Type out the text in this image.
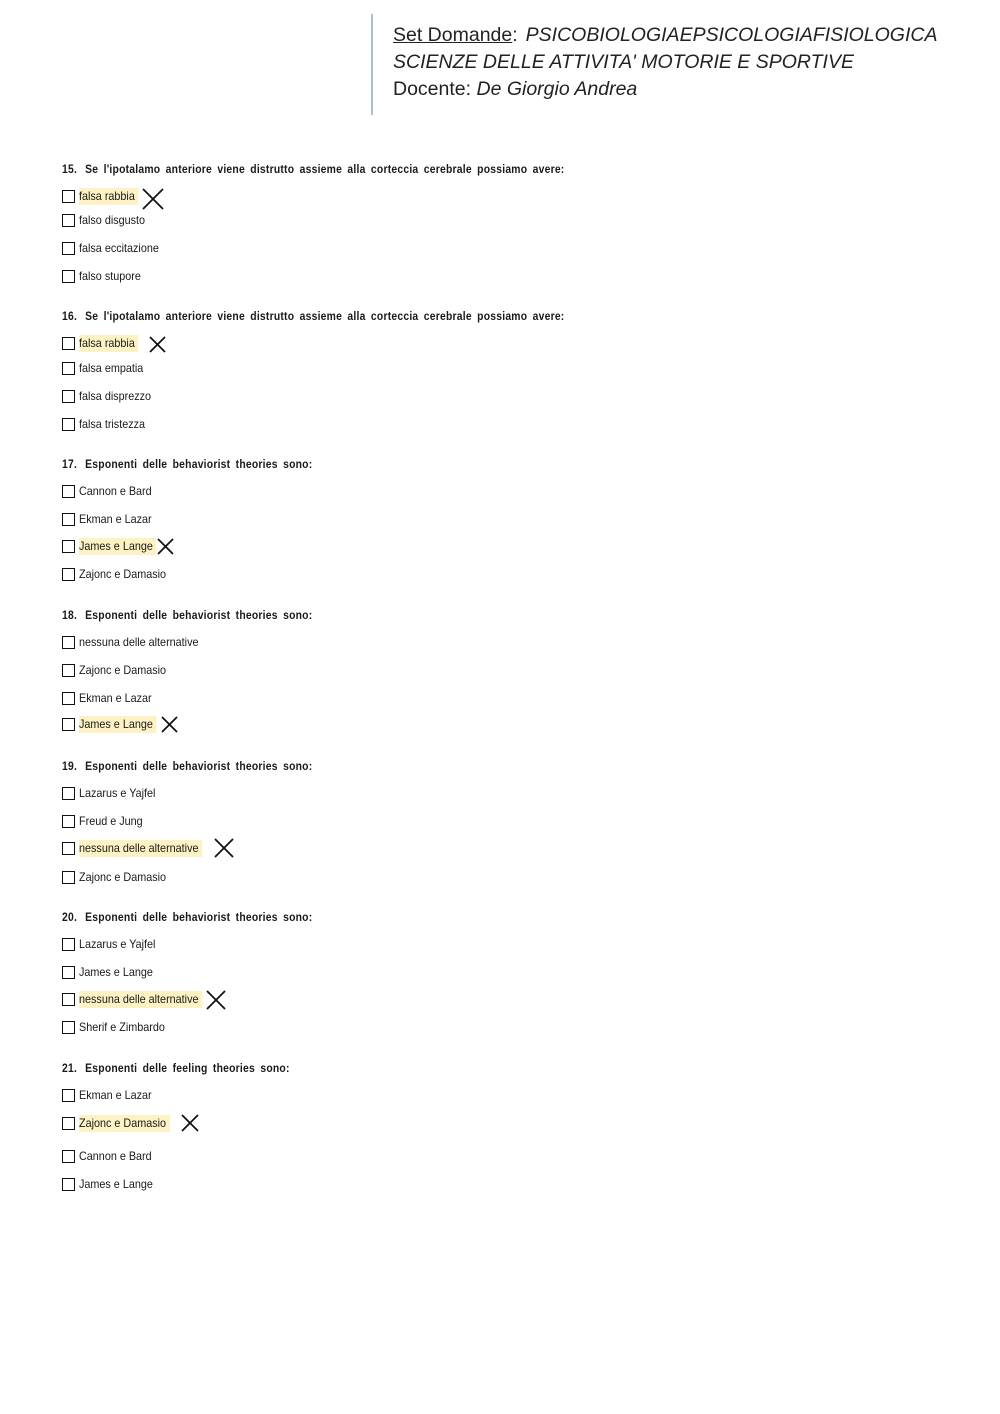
Set Domande: PSICOBIOLOGIA E PSICOLOGIA FISIOLOGICA
SCIENZE DELLE ATTIVITA' MOTORIE E SPORTIVE
Docente: De Giorgio Andrea
15. Se l'ipotalamo anteriore viene distrutto assieme alla corteccia cerebrale possiamo avere:
falsa rabbia
falso disgusto
falsa eccitazione
falso stupore
16. Se l'ipotalamo anteriore viene distrutto assieme alla corteccia cerebrale possiamo avere:
falsa rabbia
falsa empatia
falsa disprezzo
falsa tristezza
17. Esponenti delle behaviorist theories sono:
Cannon e Bard
Ekman e Lazar
James e Lange
Zajonc e Damasio
18. Esponenti delle behaviorist theories sono:
nessuna delle alternative
Zajonc e Damasio
Ekman e Lazar
James e Lange
19. Esponenti delle behaviorist theories sono:
Lazarus e Yajfel
Freud e Jung
nessuna delle alternative
Zajonc e Damasio
20. Esponenti delle behaviorist theories sono:
Lazarus e Yajfel
James e Lange
nessuna delle alternative
Sherif e Zimbardo
21. Esponenti delle feeling theories sono:
Ekman e Lazar
Zajonc e Damasio
Cannon e Bard
James e Lange
